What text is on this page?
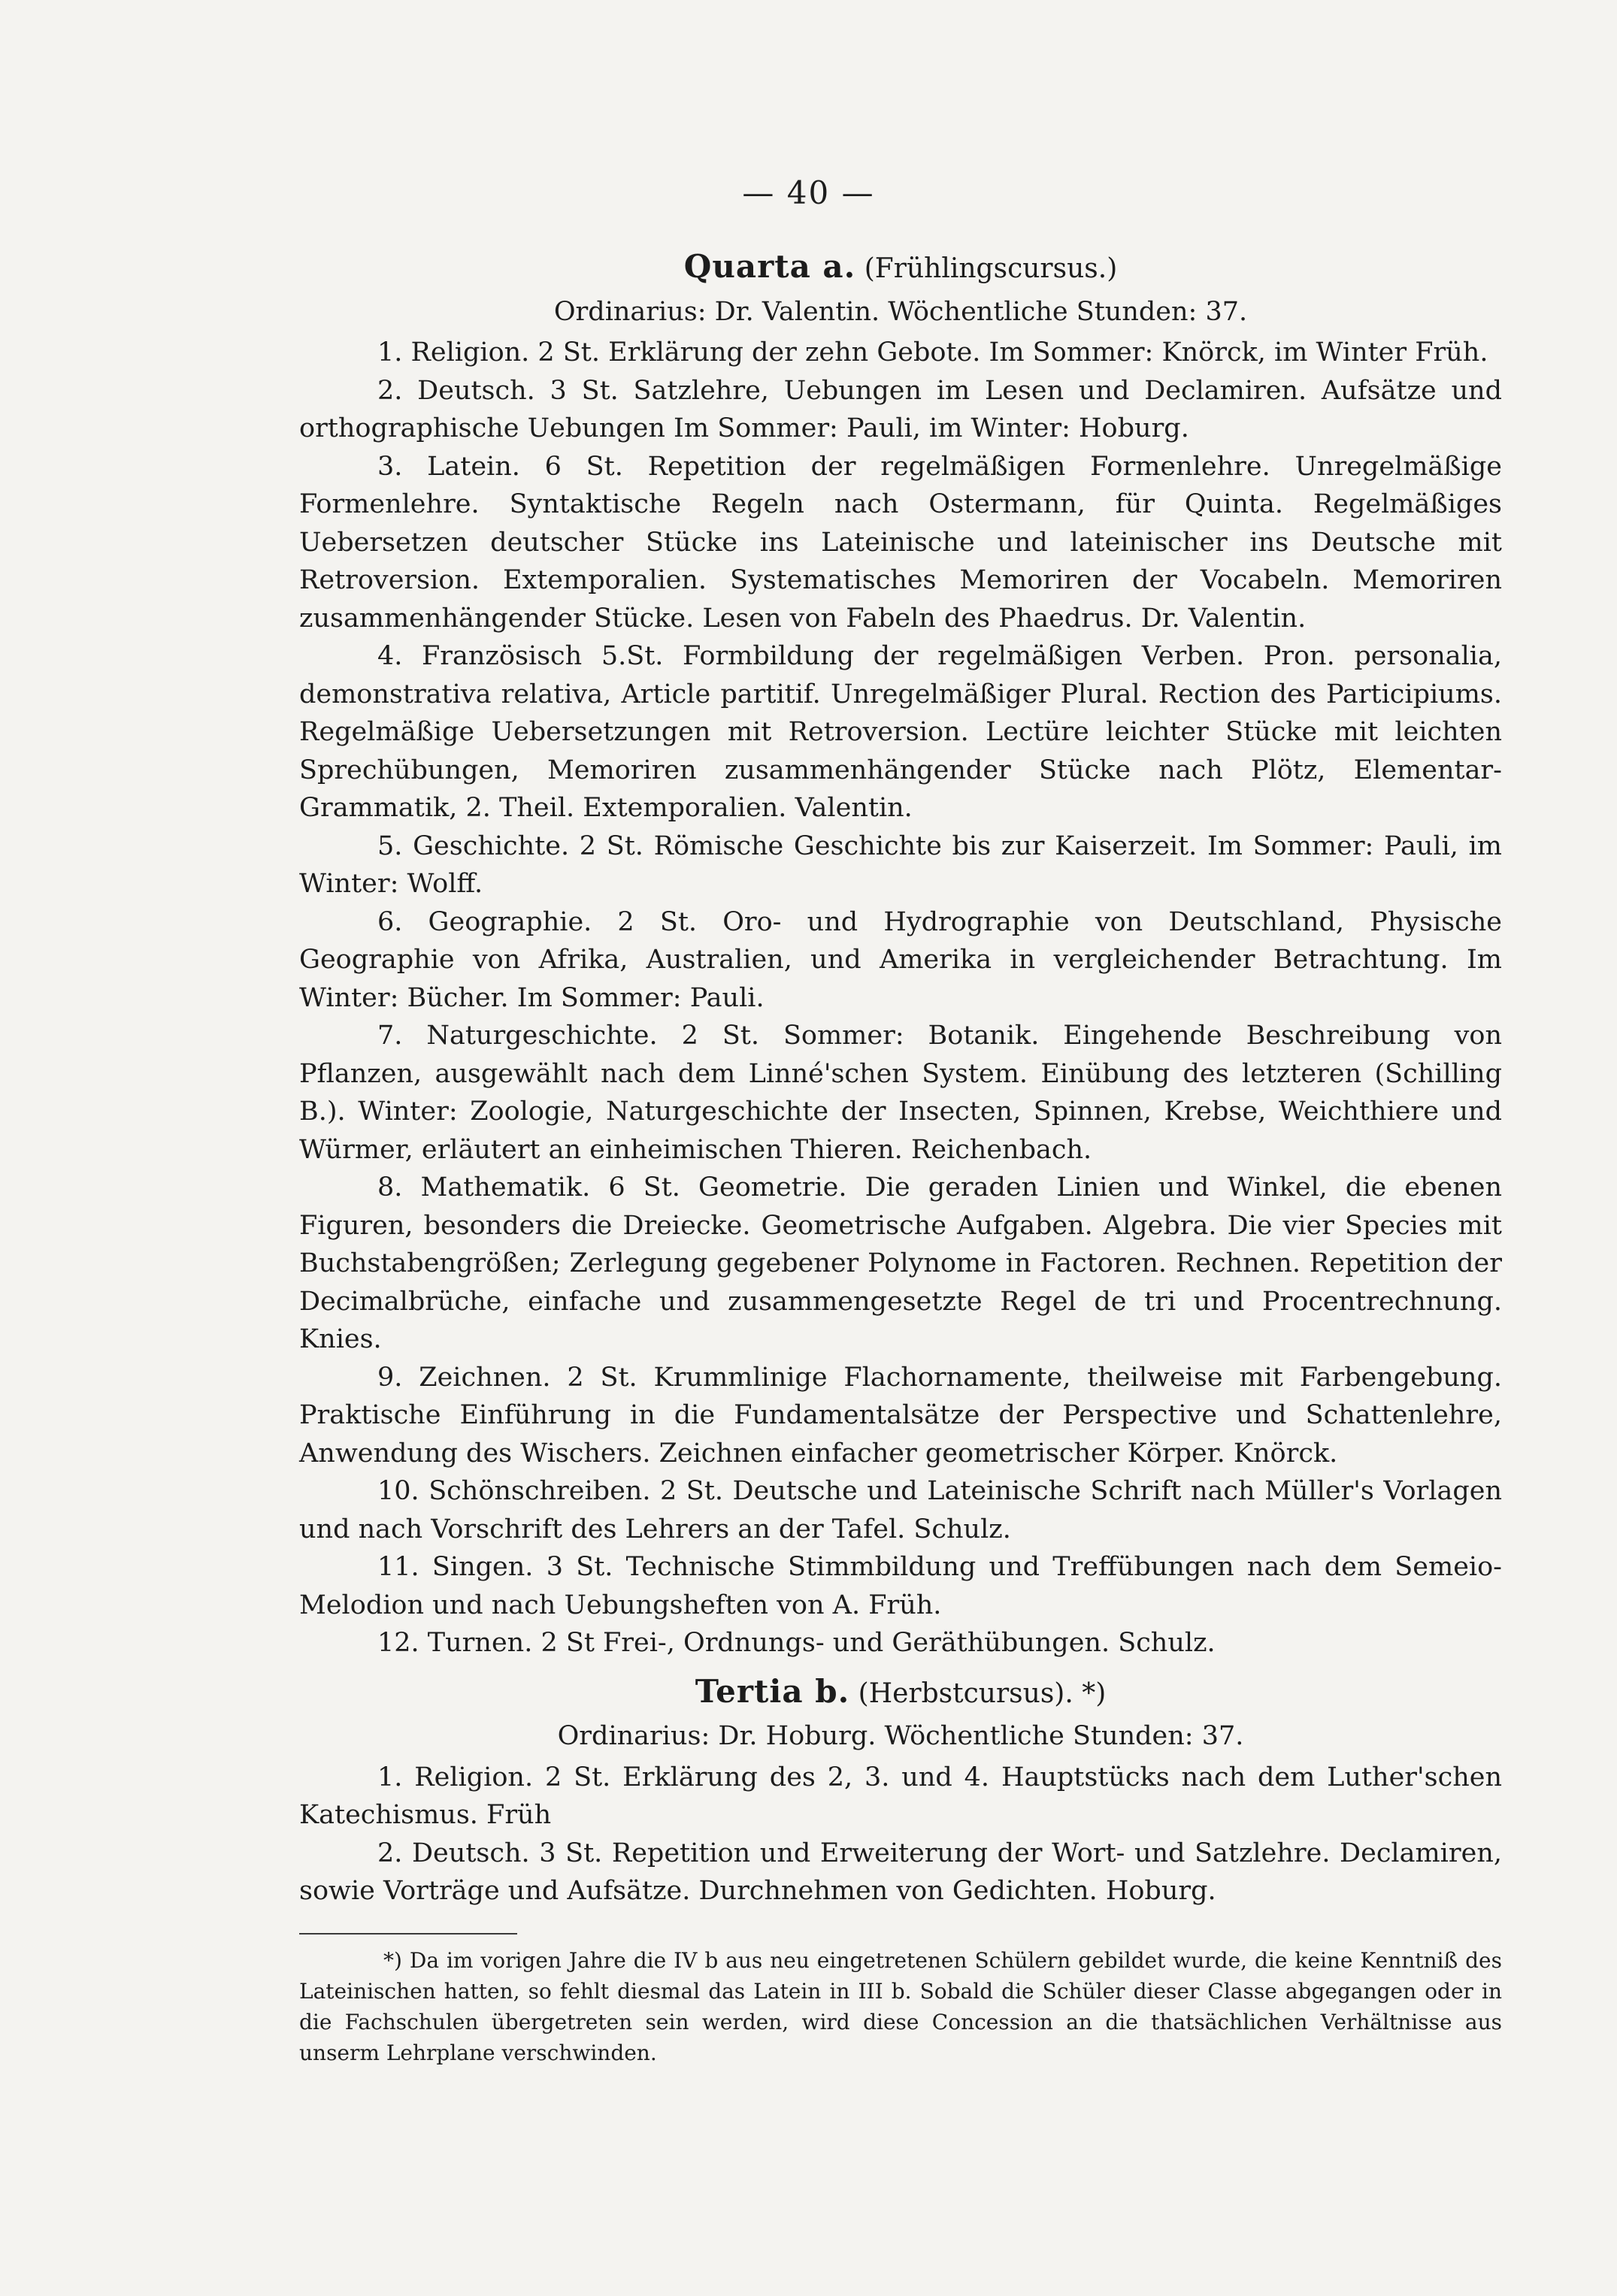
— 40 —
Quarta a. (Frühlingscursus.)
Ordinarius: Dr. Valentin. Wöchentliche Stunden: 37.

1. Religion. 2 St. Erklärung der zehn Gebote. Im Sommer: Knörck, im Winter Früh.

2. Deutsch. 3 St. Satzlehre, Uebungen im Lesen und Declamiren. Aufsätze und orthographische Uebungen Im Sommer: Pauli, im Winter: Hoburg.

3. Latein. 6 St. Repetition der regelmäßigen Formenlehre. Unregelmäßige Formenlehre. Syntaktische Regeln nach Ostermann, für Quinta. Regelmäßiges Uebersetzen deutscher Stücke ins Lateinische und lateinischer ins Deutsche mit Retroversion. Extemporalien. Systematisches Memoriren der Vocabeln. Memoriren zusammenhängender Stücke. Lesen von Fabeln des Phaedrus. Dr. Valentin.

4. Französisch 5.St. Formbildung der regelmäßigen Verben. Pron. personalia, demonstrativa relativa, Article partitif. Unregelmäßiger Plural. Rection des Participiums. Regelmäßige Uebersetzungen mit Retroversion. Lectüre leichter Stücke mit leichten Sprechübungen, Memoriren zusammenhängender Stücke nach Plötz, Elementar-Grammatik, 2. Theil. Extemporalien. Valentin.

5. Geschichte. 2 St. Römische Geschichte bis zur Kaiserzeit. Im Sommer: Pauli, im Winter: Wolff.

6. Geographie. 2 St. Oro- und Hydrographie von Deutschland, Physische Geographie von Afrika, Australien, und Amerika in vergleichender Betrachtung. Im Winter: Bücher. Im Sommer: Pauli.

7. Naturgeschichte. 2 St. Sommer: Botanik. Eingehende Beschreibung von Pflanzen, ausgewählt nach dem Linné'schen System. Einübung des letzteren (Schilling B.). Winter: Zoologie, Naturgeschichte der Insecten, Spinnen, Krebse, Weichthiere und Würmer, erläutert an einheimischen Thieren. Reichenbach.

8. Mathematik. 6 St. Geometrie. Die geraden Linien und Winkel, die ebenen Figuren, besonders die Dreiecke. Geometrische Aufgaben. Algebra. Die vier Species mit Buchstabengrößen; Zerlegung gegebener Polynome in Factoren. Rechnen. Repetition der Decimalbrüche, einfache und zusammengesetzte Regel de tri und Procentrechnung. Knies.

9. Zeichnen. 2 St. Krummlinige Flachornamente, theilweise mit Farbengebung. Praktische Einführung in die Fundamentalsätze der Perspective und Schattenlehre, Anwendung des Wischers. Zeichnen einfacher geometrischer Körper. Knörck.

10. Schönschreiben. 2 St. Deutsche und Lateinische Schrift nach Müller's Vorlagen und nach Vorschrift des Lehrers an der Tafel. Schulz.

11. Singen. 3 St. Technische Stimmbildung und Treffübungen nach dem Semeio-Melodion und nach Uebungsheften von A. Früh.

12. Turnen. 2 St Frei-, Ordnungs- und Geräthübungen. Schulz.

Tertia b. (Herbstcursus). *)
Ordinarius: Dr. Hoburg. Wöchentliche Stunden: 37.

1. Religion. 2 St. Erklärung des 2, 3. und 4. Hauptstücks nach dem Luther'schen Katechismus. Früh

2. Deutsch. 3 St. Repetition und Erweiterung der Wort- und Satzlehre. Declamiren, sowie Vorträge und Aufsätze. Durchnehmen von Gedichten. Hoburg.

*) Da im vorigen Jahre die IV b aus neu eingetretenen Schülern gebildet wurde, die keine Kenntniß des Lateinischen hatten, so fehlt diesmal das Latein in III b. Sobald die Schüler dieser Classe abgegangen oder in die Fachschulen übergetreten sein werden, wird diese Concession an die thatsächlichen Verhältnisse aus unserm Lehrplane verschwinden.
